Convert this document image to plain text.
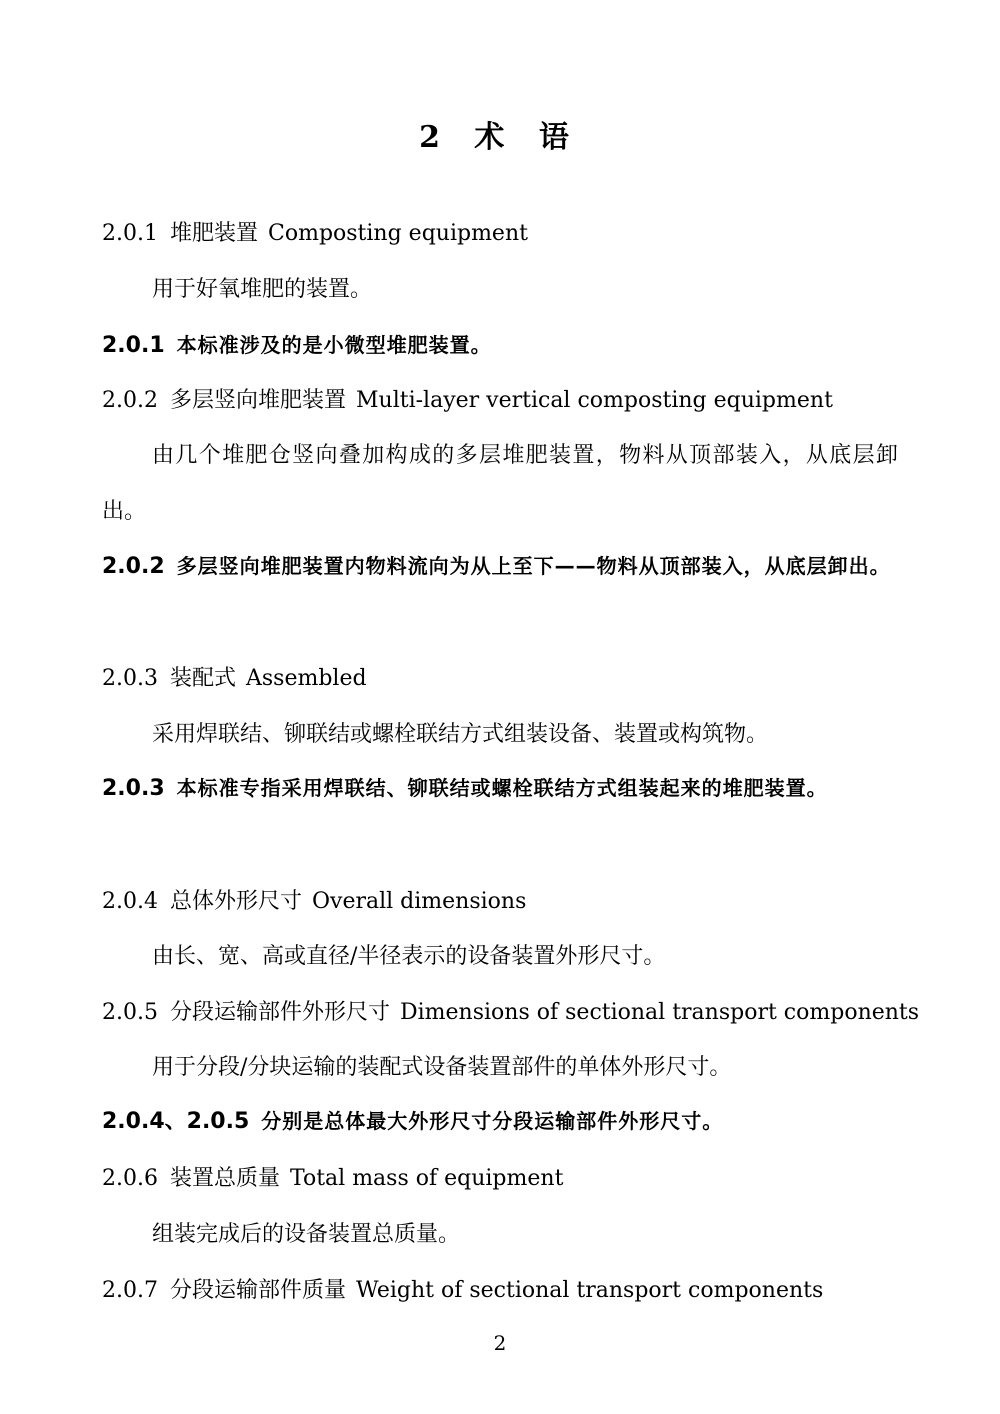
2 术 语
2.0.1 堆肥装置 Composting equipment
用于好氧堆肥的装置。
2.0.1 本标准涉及的是小微型堆肥装置。
2.0.2 多层竖向堆肥装置 Multi-layer vertical composting equipment
由几个堆肥仓竖向叠加构成的多层堆肥装置，物料从顶部装入，从底层卸出。
2.0.2 多层竖向堆肥装置内物料流向为从上至下——物料从顶部装入，从底层卸出。
2.0.3 装配式 Assembled
采用焊联结、铆联结或螺栓联结方式组装设备、装置或构筑物。
2.0.3 本标准专指采用焊联结、铆联结或螺栓联结方式组装起来的堆肥装置。
2.0.4 总体外形尺寸 Overall dimensions
由长、宽、高或直径/半径表示的设备装置外形尺寸。
2.0.5 分段运输部件外形尺寸 Dimensions of sectional transport components
用于分段/分块运输的装配式设备装置部件的单体外形尺寸。
2.0.4、2.0.5 分别是总体最大外形尺寸分段运输部件外形尺寸。
2.0.6 装置总质量 Total mass of equipment
组装完成后的设备装置总质量。
2.0.7 分段运输部件质量 Weight of sectional transport components
2
